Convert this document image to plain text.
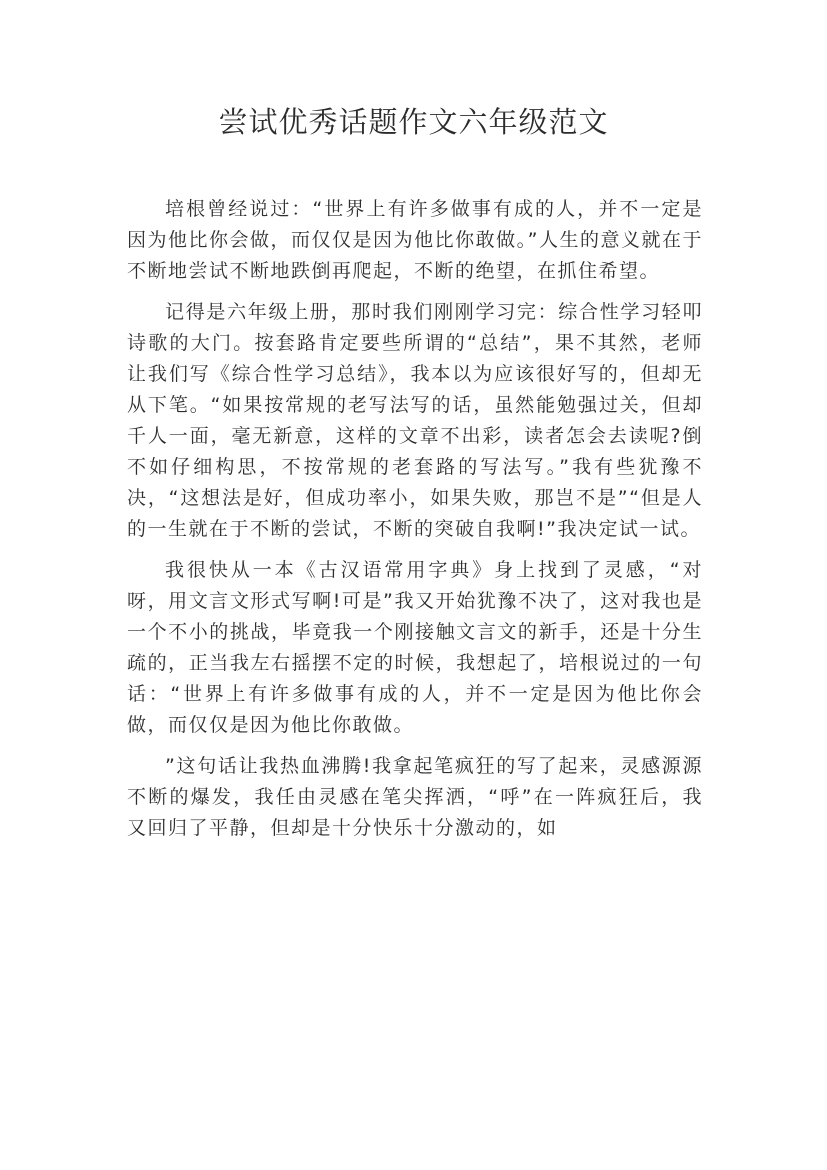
尝试优秀话题作文六年级范文

培根曾经说过：“世界上有许多做事有成的人，并不一定是因为他比你会做，而仅仅是因为他比你敢做。”人生的意义就在于不断地尝试不断地跌倒再爬起，不断的绝望，在抓住希望。

记得是六年级上册，那时我们刚刚学习完：综合性学习轻叩诗歌的大门。按套路肯定要些所谓的“总结”，果不其然，老师让我们写《综合性学习总结》，我本以为应该很好写的，但却无从下笔。“如果按常规的老写法写的话，虽然能勉强过关，但却千人一面，毫无新意，这样的文章不出彩，读者怎会去读呢?倒不如仔细构思，不按常规的老套路的写法写。”我有些犹豫不决，“这想法是好，但成功率小，如果失败，那岂不是”“但是人的一生就在于不断的尝试，不断的突破自我啊!”我决定试一试。

我很快从一本《古汉语常用字典》身上找到了灵感，“对呀，用文言文形式写啊!可是”我又开始犹豫不决了，这对我也是一个不小的挑战，毕竟我一个刚接触文言文的新手，还是十分生疏的，正当我左右摇摆不定的时候，我想起了，培根说过的一句话：“世界上有许多做事有成的人，并不一定是因为他比你会做，而仅仅是因为他比你敢做。

”这句话让我热血沸腾!我拿起笔疯狂的写了起来，灵感源源不断的爆发，我任由灵感在笔尖挥洒，“呼”在一阵疯狂后，我又回归了平静，但却是十分快乐十分激动的，如
